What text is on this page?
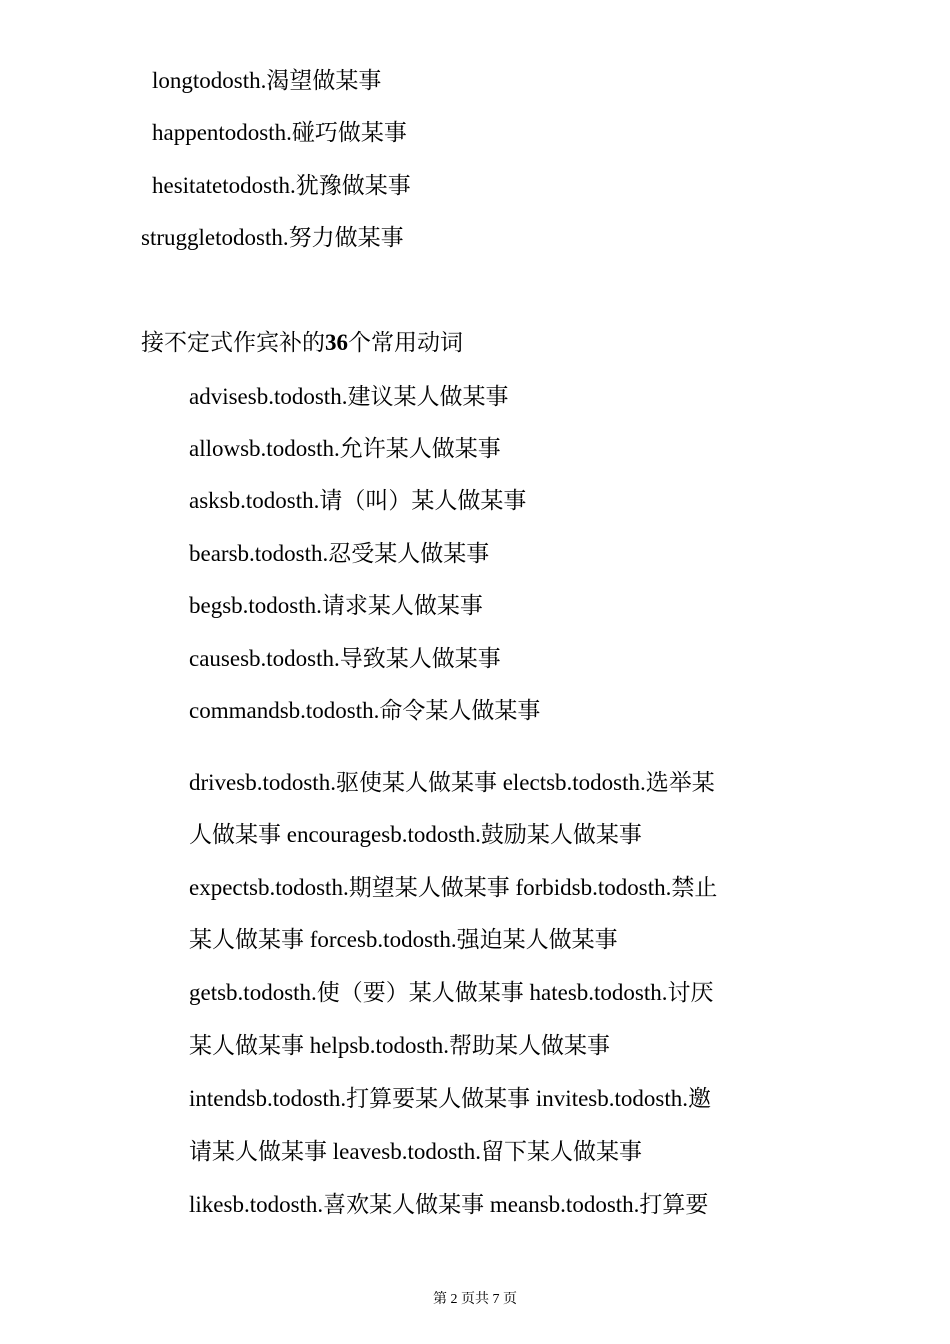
longtodosth.渴望做某事
happentodosth.碰巧做某事
hesitatetodosth.犹豫做某事
struggletodosth.努力做某事
接不定式作宾补的36个常用动词
advisesb.todosth.建议某人做某事
allowsb.todosth.允许某人做某事
asksb.todosth.请（叫）某人做某事
bearsb.todosth.忍受某人做某事
begsb.todosth.请求某人做某事
causesb.todosth.导致某人做某事
commandsb.todosth.命令某人做某事
drivesb.todosth.驱使某人做某事 electsb.todosth.选举某
人做某事 encouragesb.todosth.鼓励某人做某事
expectsb.todosth.期望某人做某事 forbidsb.todosth.禁止
某人做某事 forcesb.todosth.强迫某人做某事
getsb.todosth.使（要）某人做某事 hatesb.todosth.讨厌
某人做某事 helpsb.todosth.帮助某人做某事
intendsb.todosth.打算要某人做某事 invitesb.todosth.邀
请某人做某事 leavesb.todosth.留下某人做某事
likesb.todosth.喜欢某人做某事 meansb.todosth.打算要
第 2 页共 7 页
